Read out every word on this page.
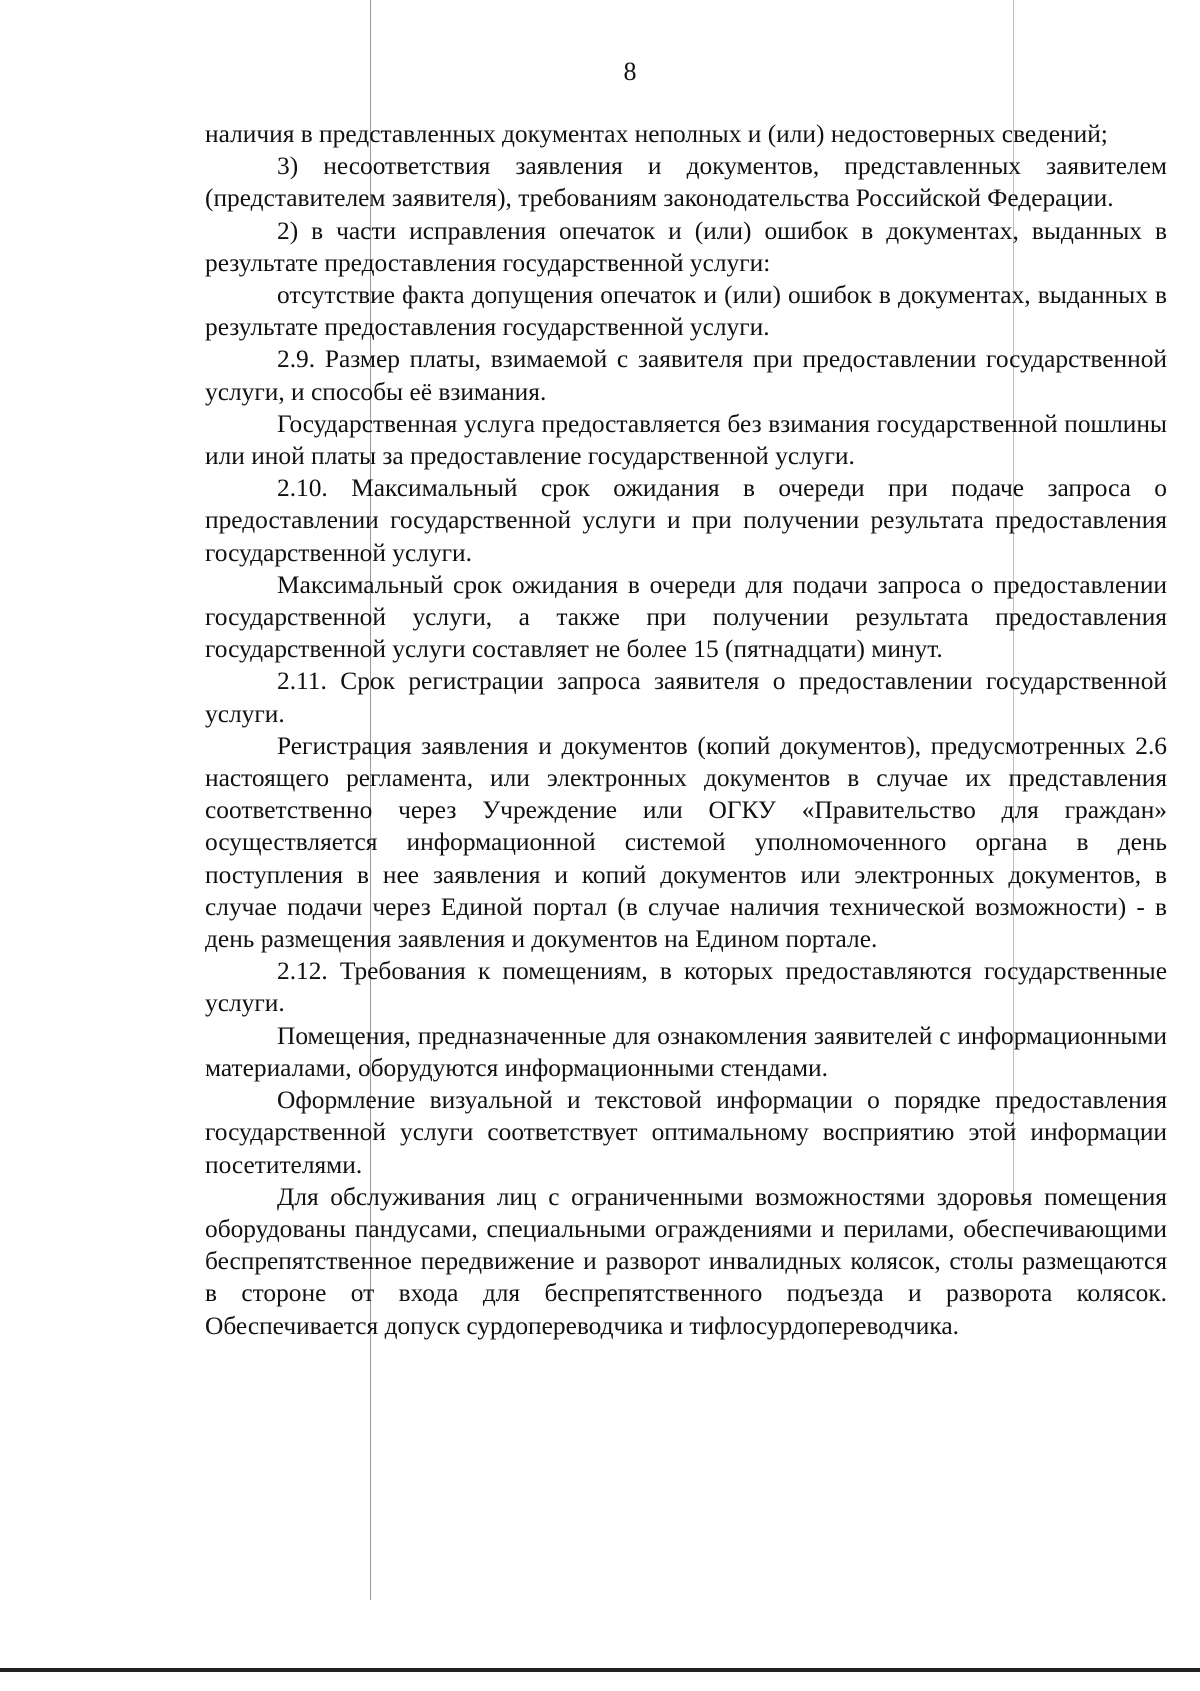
8

наличия в представленных документах неполных и (или) недостоверных сведений;

3) несоответствия заявления и документов, представленных заявителем (представителем заявителя), требованиям законодательства Российской Федерации.

2) в части исправления опечаток и (или) ошибок в документах, выданных в результате предоставления государственной услуги:

отсутствие факта допущения опечаток и (или) ошибок в документах, выданных в результате предоставления государственной услуги.

2.9. Размер платы, взимаемой с заявителя при предоставлении государственной услуги, и способы её взимания.

Государственная услуга предоставляется без взимания государственной пошлины или иной платы за предоставление государственной услуги.

2.10. Максимальный срок ожидания в очереди при подаче запроса о предоставлении государственной услуги и при получении результата предоставления государственной услуги.

Максимальный срок ожидания в очереди для подачи запроса о предоставлении государственной услуги, а также при получении результата предоставления государственной услуги составляет не более 15 (пятнадцати) минут.

2.11. Срок регистрации запроса заявителя о предоставлении государственной услуги.

Регистрация заявления и документов (копий документов), предусмотренных 2.6 настоящего регламента, или электронных документов в случае их представления соответственно через Учреждение или ОГКУ «Правительство для граждан» осуществляется информационной системой уполномоченного органа в день поступления в нее заявления и копий документов или электронных документов, в случае подачи через Единой портал (в случае наличия технической возможности) - в день размещения заявления и документов на Едином портале.

2.12. Требования к помещениям, в которых предоставляются государственные услуги.

Помещения, предназначенные для ознакомления заявителей с информационными материалами, оборудуются информационными стендами.

Оформление визуальной и текстовой информации о порядке предоставления государственной услуги соответствует оптимальному восприятию этой информации посетителями.

Для обслуживания лиц с ограниченными возможностями здоровья помещения оборудованы пандусами, специальными ограждениями и перилами, обеспечивающими беспрепятственное передвижение и разворот инвалидных колясок, столы размещаются в стороне от входа для беспрепятственного подъезда и разворота колясок. Обеспечивается допуск сурдопереводчика и тифлосурдопереводчика.
